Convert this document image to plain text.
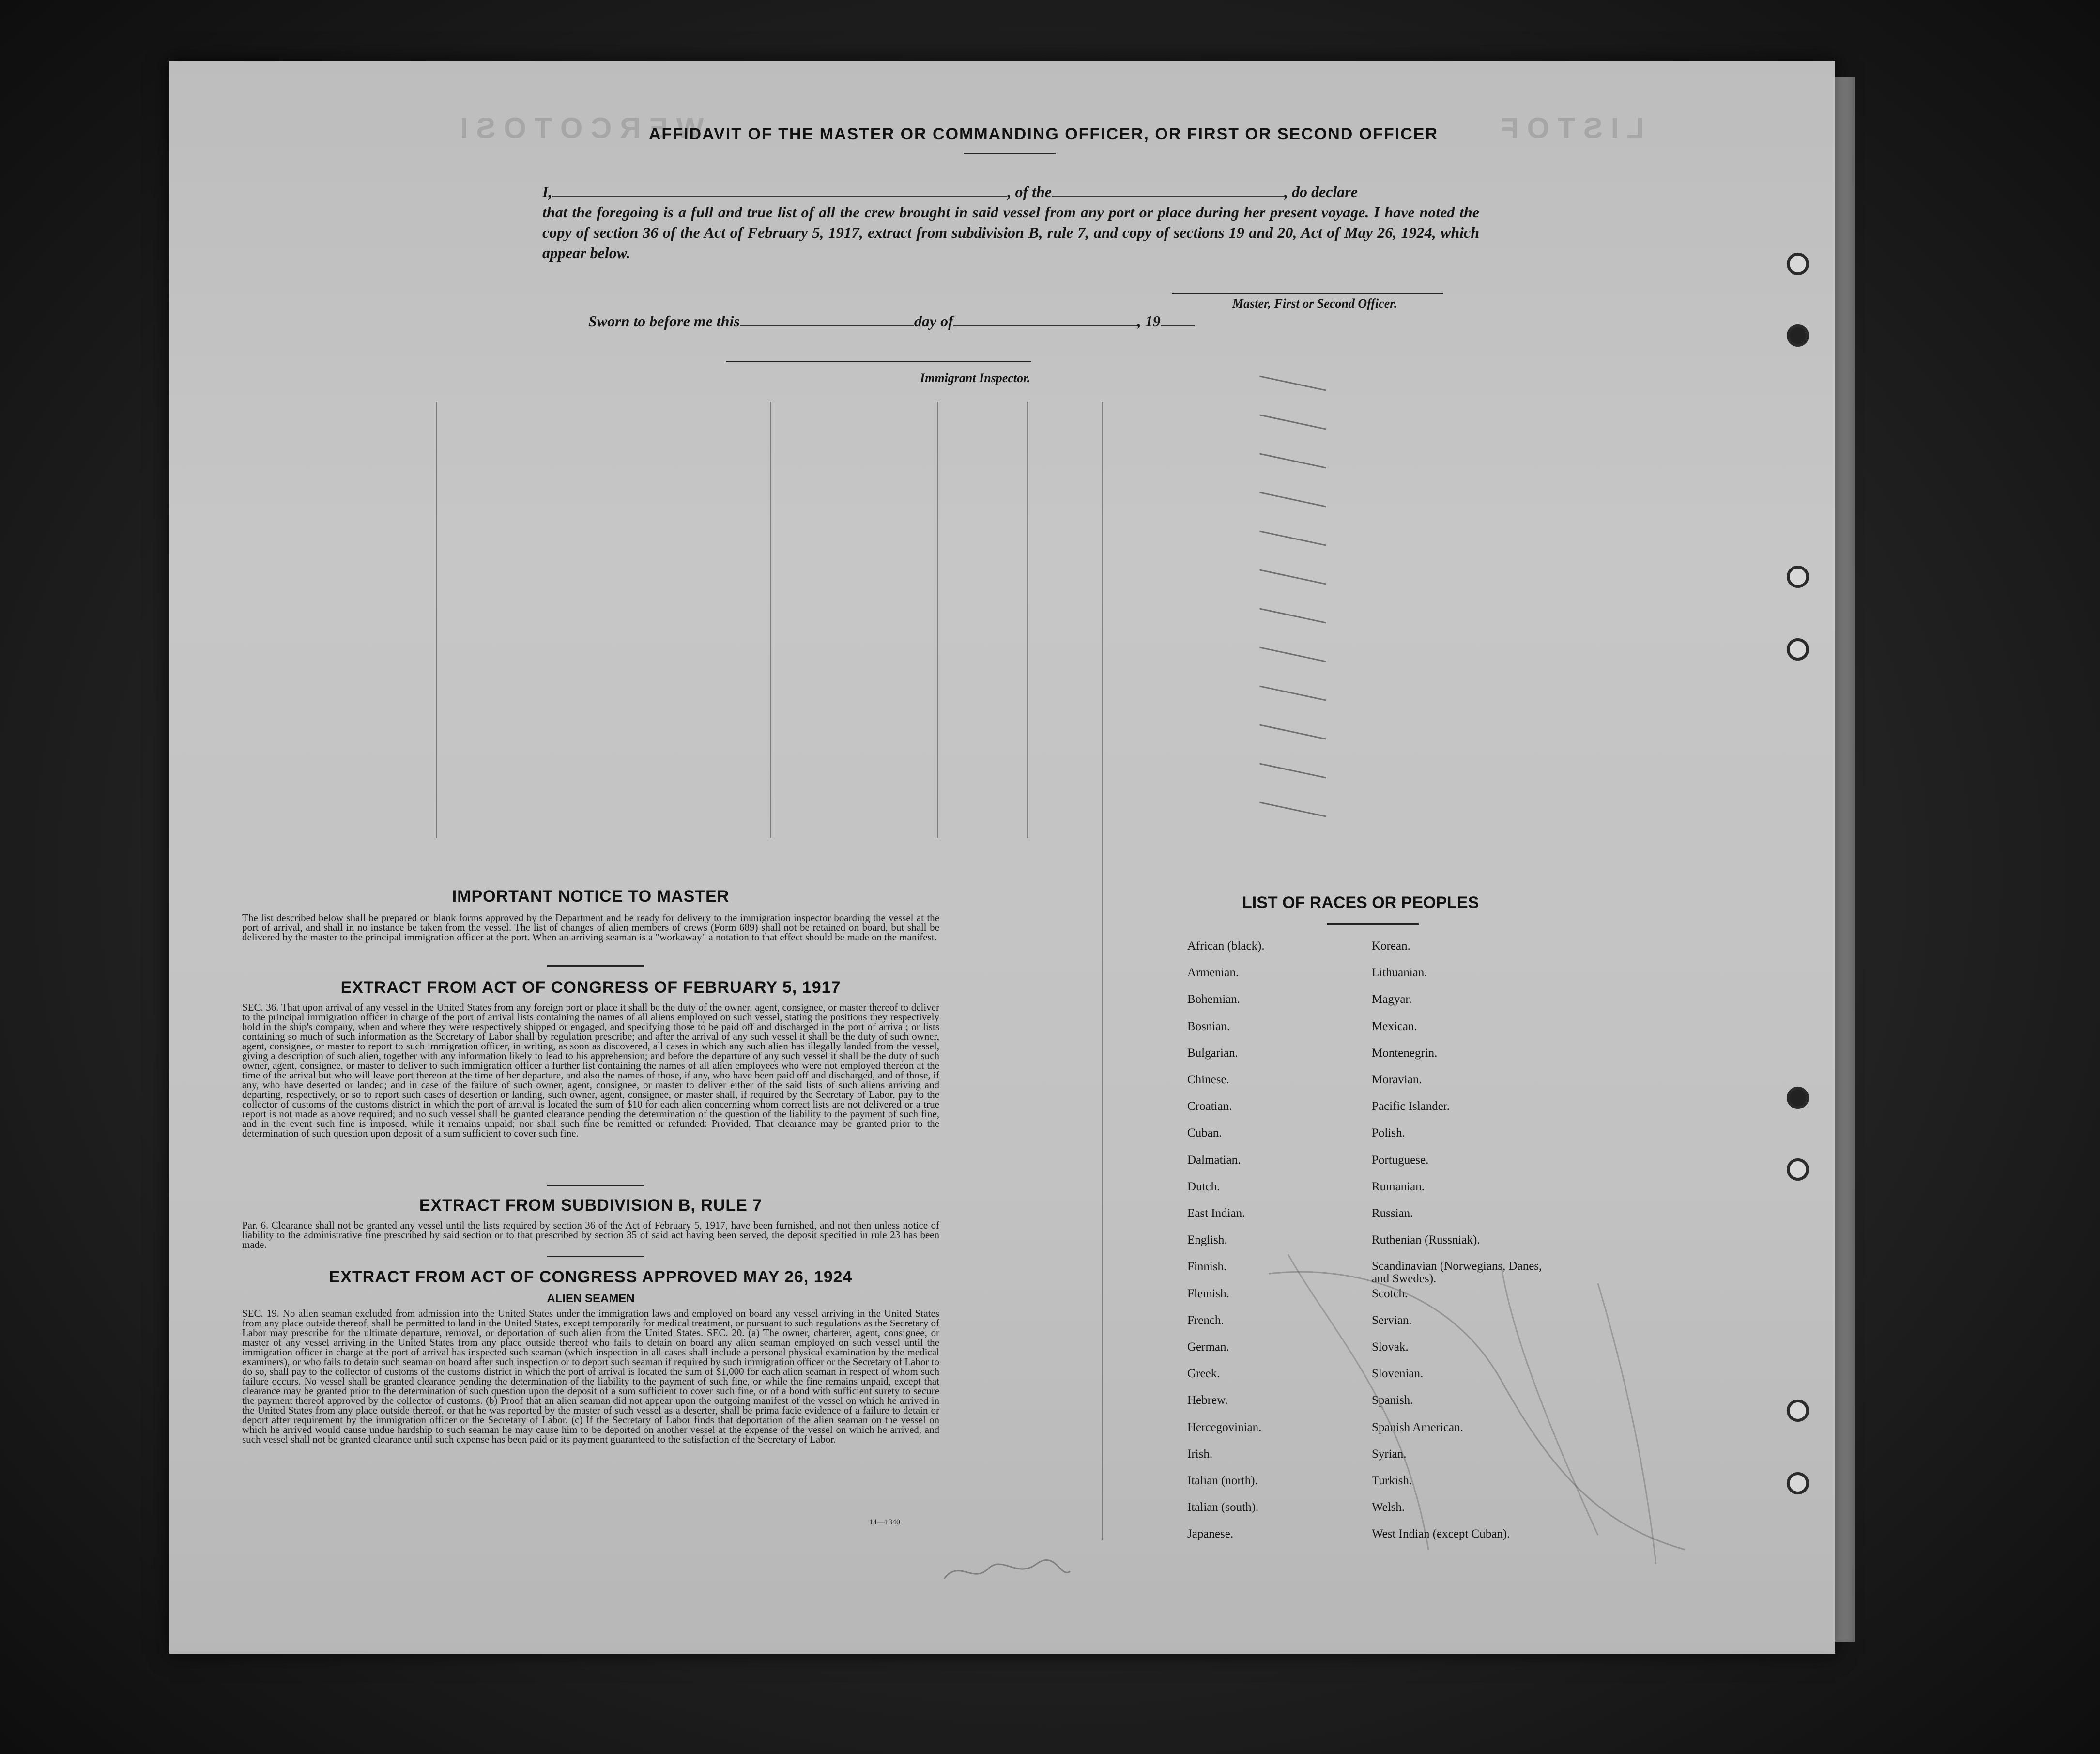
W E R C O T O S I	L I S T O F
AFFIDAVIT OF THE MASTER OR COMMANDING OFFICER, OR FIRST OR SECOND OFFICER
I,	, of the	, do declare
that the foregoing is a full and true list of all the crew brought in said vessel from any port or place during her present voyage. I have noted the copy of section 36 of the Act of February 5, 1917, extract from subdivision B, rule 7, and copy of sections 19 and 20, Act of May 26, 1924, which appear below.
Master, First or Second Officer.
Sworn to before me this	day of	, 19
Immigrant Inspector.
IMPORTANT NOTICE TO MASTER
The list described below shall be prepared on blank forms approved by the Department and be ready for delivery to the immigration inspector boarding the vessel at the port of arrival, and shall in no instance be taken from the vessel. The list of changes of alien members of crews (Form 689) shall not be retained on board, but shall be delivered by the master to the principal immigration officer at the port. When an arriving seaman is a "workaway" a notation to that effect should be made on the manifest.
EXTRACT FROM ACT OF CONGRESS OF FEBRUARY 5, 1917
SEC. 36. That upon arrival of any vessel in the United States from any foreign port or place it shall be the duty of the owner, agent, consignee, or master thereof to deliver to the principal immigration officer in charge of the port of arrival lists containing the names of all aliens employed on such vessel, stating the positions they respectively hold in the ship's company, when and where they were respectively shipped or engaged, and specifying those to be paid off and discharged in the port of arrival; or lists containing so much of such information as the Secretary of Labor shall by regulation prescribe; and after the arrival of any such vessel it shall be the duty of such owner, agent, consignee, or master to report to such immigration officer, in writing, as soon as discovered, all cases in which any such alien has illegally landed from the vessel, giving a description of such alien, together with any information likely to lead to his apprehension; and before the departure of any such vessel it shall be the duty of such owner, agent, consignee, or master to deliver to such immigration officer a further list containing the names of all alien employees who were not employed thereon at the time of the arrival but who will leave port thereon at the time of her departure, and also the names of those, if any, who have been paid off and discharged, and of those, if any, who have deserted or landed; and in case of the failure of such owner, agent, consignee, or master to deliver either of the said lists of such aliens arriving and departing, respectively, or so to report such cases of desertion or landing, such owner, agent, consignee, or master shall, if required by the Secretary of Labor, pay to the collector of customs of the customs district in which the port of arrival is located the sum of $10 for each alien concerning whom correct lists are not delivered or a true report is not made as above required; and no such vessel shall be granted clearance pending the determination of the question of the liability to the payment of such fine, and in the event such fine is imposed, while it remains unpaid; nor shall such fine be remitted or refunded: Provided, That clearance may be granted prior to the determination of such question upon deposit of a sum sufficient to cover such fine.
EXTRACT FROM SUBDIVISION B, RULE 7
Par. 6. Clearance shall not be granted any vessel until the lists required by section 36 of the Act of February 5, 1917, have been furnished, and not then unless notice of liability to the administrative fine prescribed by said section or to that prescribed by section 35 of said act having been served, the deposit specified in rule 23 has been made.
EXTRACT FROM ACT OF CONGRESS APPROVED MAY 26, 1924
ALIEN SEAMEN
SEC. 19. No alien seaman excluded from admission into the United States under the immigration laws and employed on board any vessel arriving in the United States from any place outside thereof, shall be permitted to land in the United States, except temporarily for medical treatment, or pursuant to such regulations as the Secretary of Labor may prescribe for the ultimate departure, removal, or deportation of such alien from the United States. SEC. 20. (a) The owner, charterer, agent, consignee, or master of any vessel arriving in the United States from any place outside thereof who fails to detain on board any alien seaman employed on such vessel until the immigration officer in charge at the port of arrival has inspected such seaman (which inspection in all cases shall include a personal physical examination by the medical examiners), or who fails to detain such seaman on board after such inspection or to deport such seaman if required by such immigration officer or the Secretary of Labor to do so, shall pay to the collector of customs of the customs district in which the port of arrival is located the sum of $1,000 for each alien seaman in respect of whom such failure occurs. No vessel shall be granted clearance pending the determination of the liability to the payment of such fine, or while the fine remains unpaid, except that clearance may be granted prior to the determination of such question upon the deposit of a sum sufficient to cover such fine, or of a bond with sufficient surety to secure the payment thereof approved by the collector of customs. (b) Proof that an alien seaman did not appear upon the outgoing manifest of the vessel on which he arrived in the United States from any place outside thereof, or that he was reported by the master of such vessel as a deserter, shall be prima facie evidence of a failure to detain or deport after requirement by the immigration officer or the Secretary of Labor. (c) If the Secretary of Labor finds that deportation of the alien seaman on the vessel on which he arrived would cause undue hardship to such seaman he may cause him to be deported on another vessel at the expense of the vessel on which he arrived, and such vessel shall not be granted clearance until such expense has been paid or its payment guaranteed to the satisfaction of the Secretary of Labor.
14—1340
LIST OF RACES OR PEOPLES
African (black).
Armenian.
Bohemian.
Bosnian.
Bulgarian.
Chinese.
Croatian.
Cuban.
Dalmatian.
Dutch.
East Indian.
English.
Finnish.
Flemish.
French.
German.
Greek.
Hebrew.
Hercegovinian.
Irish.
Italian (north).
Italian (south).
Japanese.
Korean.
Lithuanian.
Magyar.
Mexican.
Montenegrin.
Moravian.
Pacific Islander.
Polish.
Portuguese.
Rumanian.
Russian.
Ruthenian (Russniak).
Scandinavian (Norwegians, Danes, and Swedes).
Scotch.
Servian.
Slovak.
Slovenian.
Spanish.
Spanish American.
Syrian.
Turkish.
Welsh.
West Indian (except Cuban).
